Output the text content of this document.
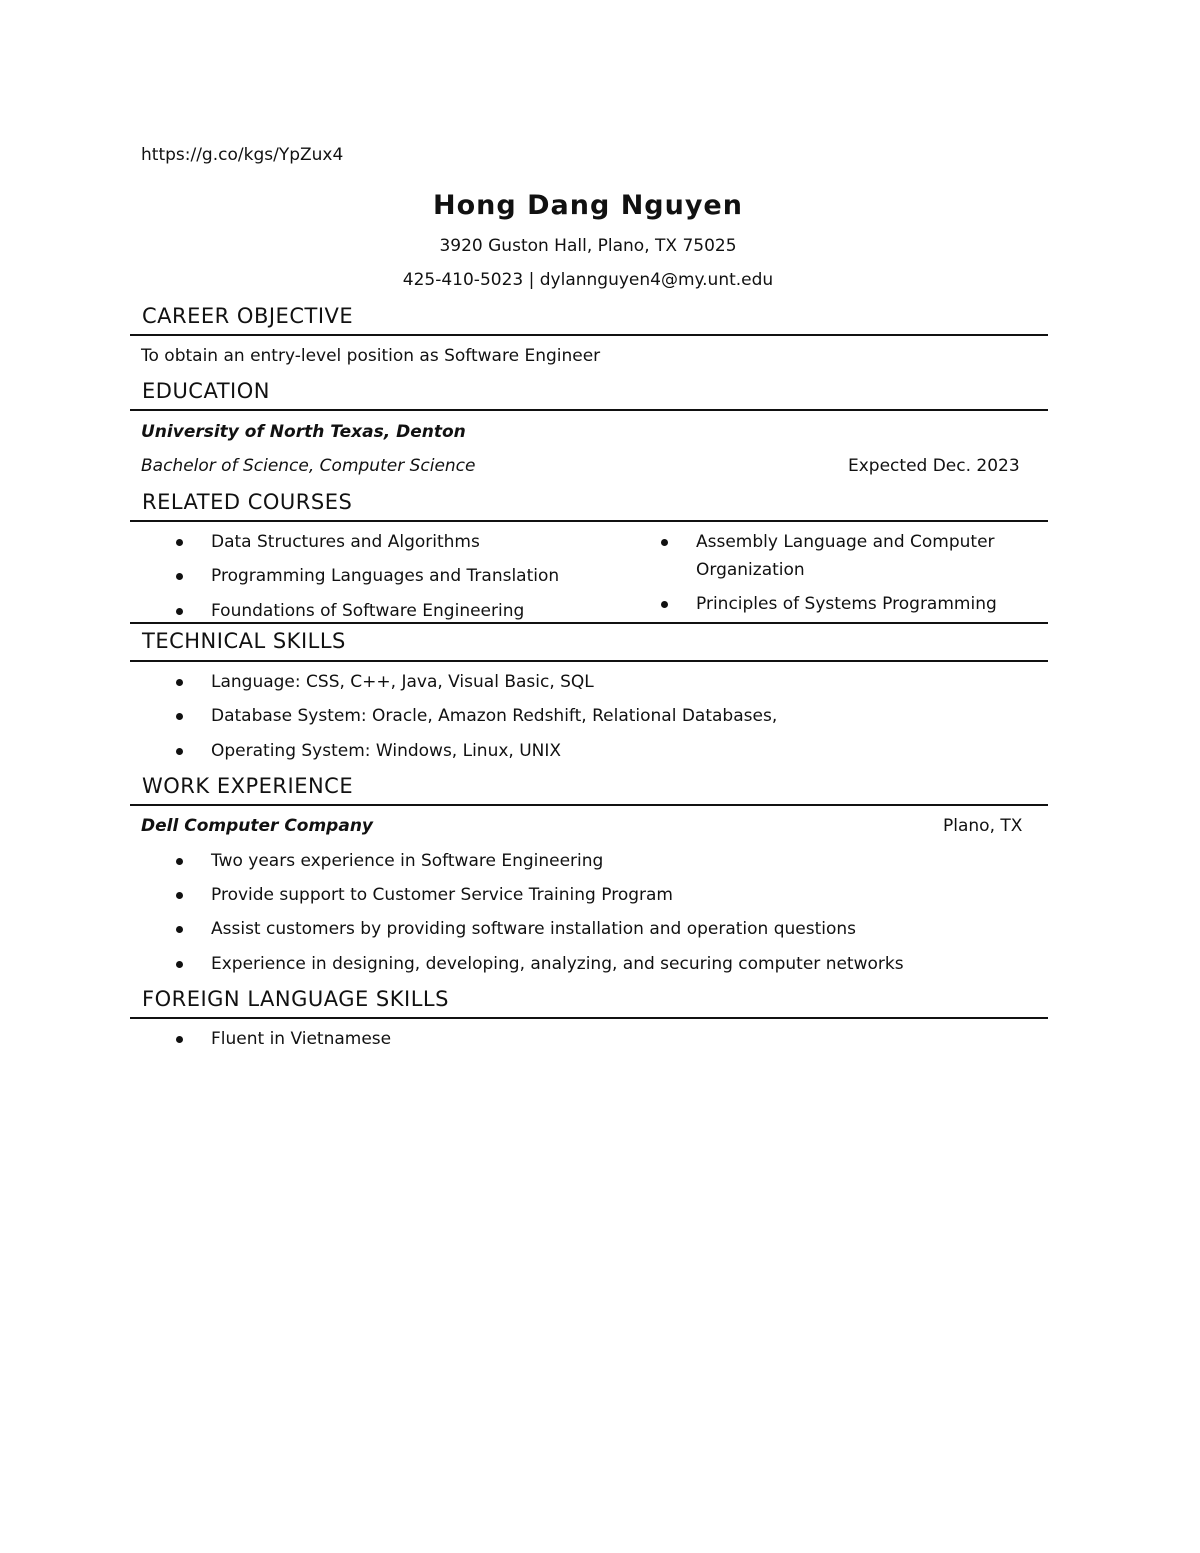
https://g.co/kgs/YpZux4
Hong Dang Nguyen
3920 Guston Hall, Plano, TX 75025
425-410-5023 | dylannguyen4@my.unt.edu
CAREER OBJECTIVE
To obtain an entry-level position as Software Engineer
EDUCATION
University of North Texas, Denton
Bachelor of Science, Computer Science	Expected Dec. 2023
RELATED COURSES
Data Structures and Algorithms
Programming Languages and Translation
Foundations of Software Engineering
Assembly Language and Computer
Organization
Principles of Systems Programming
TECHNICAL SKILLS
Language: CSS, C++, Java, Visual Basic, SQL
Database System: Oracle, Amazon Redshift, Relational Databases,
Operating System: Windows, Linux, UNIX
WORK EXPERIENCE
Dell Computer Company	Plano, TX
Two years experience in Software Engineering
Provide support to Customer Service Training Program
Assist customers by providing software installation and operation questions
Experience in designing, developing, analyzing, and securing computer networks
FOREIGN LANGUAGE SKILLS
Fluent in Vietnamese
